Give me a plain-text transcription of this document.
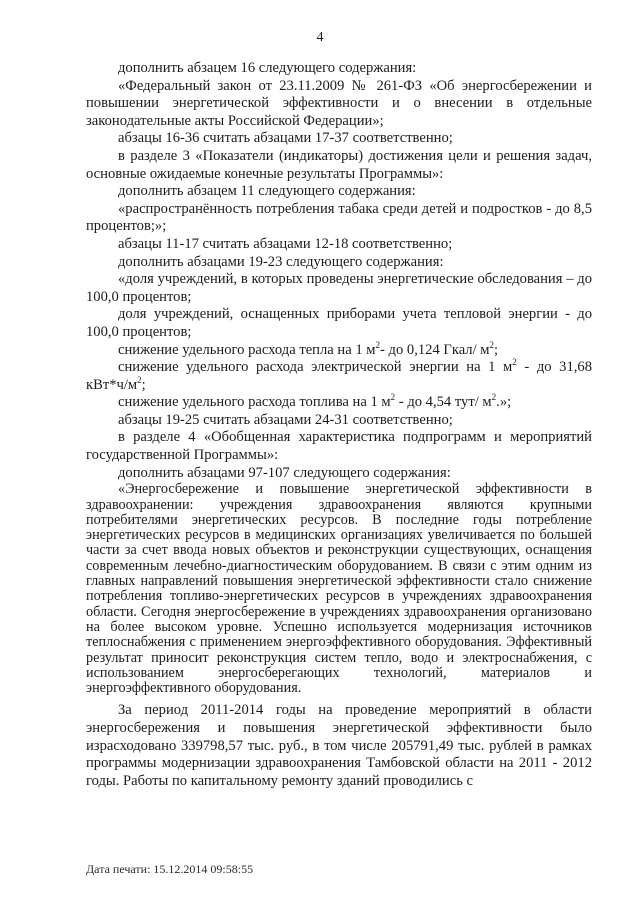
4

дополнить абзацем 16 следующего содержания:

«Федеральный закон от 23.11.2009 № 261-ФЗ «Об энергосбережении и повышении энергетической эффективности и о внесении в отдельные законодательные акты Российской Федерации»;

абзацы 16-36 считать абзацами 17-37 соответственно;

в разделе 3 «Показатели (индикаторы) достижения цели и решения задач, основные ожидаемые конечные результаты Программы»:

дополнить абзацем 11 следующего содержания:

«распространённость потребления табака среди детей и подростков - до 8,5 процентов;»;

абзацы 11-17 считать абзацами 12-18 соответственно;

дополнить абзацами 19-23 следующего содержания:

«доля учреждений, в которых проведены энергетические обследования – до 100,0 процентов;

доля учреждений, оснащенных приборами учета тепловой энергии - до 100,0 процентов;

снижение удельного расхода тепла на 1 $м^2-$ до 0,124 Гкал/ $м^2$;

снижение удельного расхода электрической энергии на 1 $м^2$ - до 31,68 $кВт*ч/м^2$;

снижение удельного расхода топлива на 1 $м^2$ - до 4,54 тут/ $м^2$.»;

абзацы 19-25 считать абзацами 24-31 соответственно;

в разделе 4 «Обобщенная характеристика подпрограмм и мероприятий государственной Программы»:

дополнить абзацами 97-107 следующего содержания:

«Энергосбережение и повышение энергетической эффективности в здравоохранении: учреждения здравоохранения являются крупными потребителями энергетических ресурсов. В последние годы потребление энергетических ресурсов в медицинских организациях увеличивается по большей части за счет ввода новых объектов и реконструкции существующих, оснащения современным лечебно-диагностическим оборудованием. В связи с этим одним из главных направлений повышения энергетической эффективности стало снижение потребления топливо-энергетических ресурсов в учреждениях здравоохранения области. Сегодня энергосбережение в учреждениях здравоохранения организовано на более высоком уровне. Успешно используется модернизация источников теплоснабжения с применением энергоэффективного оборудования. Эффективный результат приносит реконструкция систем тепло, водо и электроснабжения, с использованием энергосберегающих технологий, материалов и энергоэффективного оборудования.

За период 2011-2014 годы на проведение мероприятий в области энергосбережения и повышения энергетической эффективности было израсходовано 339798,57 тыс. руб., в том числе 205791,49 тыс. рублей в рамках программы модернизации здравоохранения Тамбовской области на 2011 - 2012 годы. Работы по капитальному ремонту зданий проводились с

Дата печати: 15.12.2014 09:58:55
